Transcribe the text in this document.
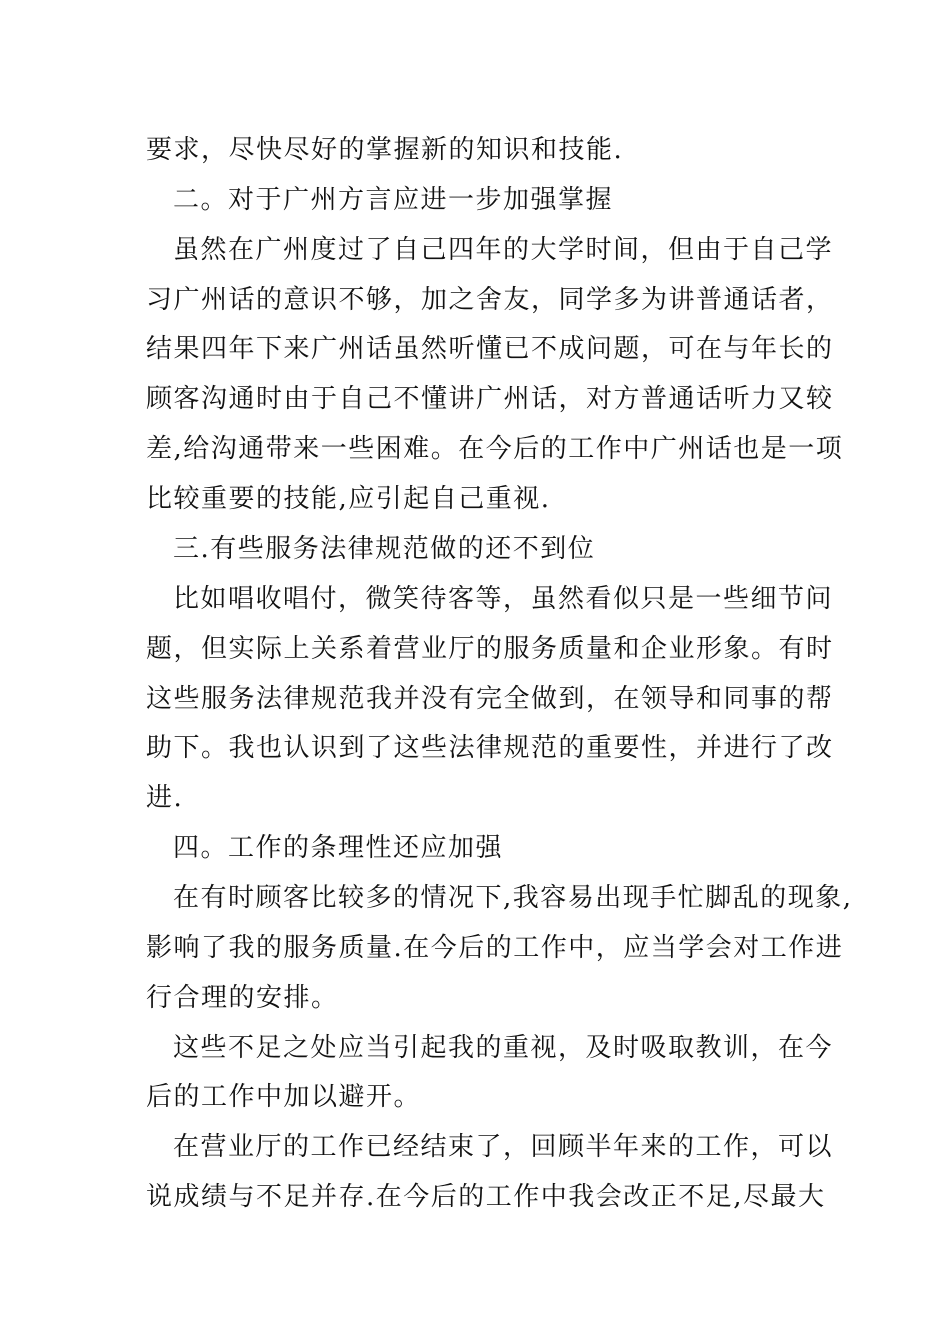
要求，尽快尽好的掌握新的知识和技能.
二。对于广州方言应进一步加强掌握
虽然在广州度过了自己四年的大学时间，但由于自己学
习广州话的意识不够，加之舍友，同学多为讲普通话者，
结果四年下来广州话虽然听懂已不成问题，可在与年长的
顾客沟通时由于自己不懂讲广州话，对方普通话听力又较
差,给沟通带来一些困难。在今后的工作中广州话也是一项
比较重要的技能,应引起自己重视.
三.有些服务法律规范做的还不到位
比如唱收唱付，微笑待客等，虽然看似只是一些细节问
题，但实际上关系着营业厅的服务质量和企业形象。有时
这些服务法律规范我并没有完全做到，在领导和同事的帮
助下。我也认识到了这些法律规范的重要性，并进行了改
进.
四。工作的条理性还应加强
在有时顾客比较多的情况下,我容易出现手忙脚乱的现象,
影响了我的服务质量.在今后的工作中，应当学会对工作进
行合理的安排。
这些不足之处应当引起我的重视，及时吸取教训，在今
后的工作中加以避开。
在营业厅的工作已经结束了，回顾半年来的工作，可以
说成绩与不足并存.在今后的工作中我会改正不足,尽最大
